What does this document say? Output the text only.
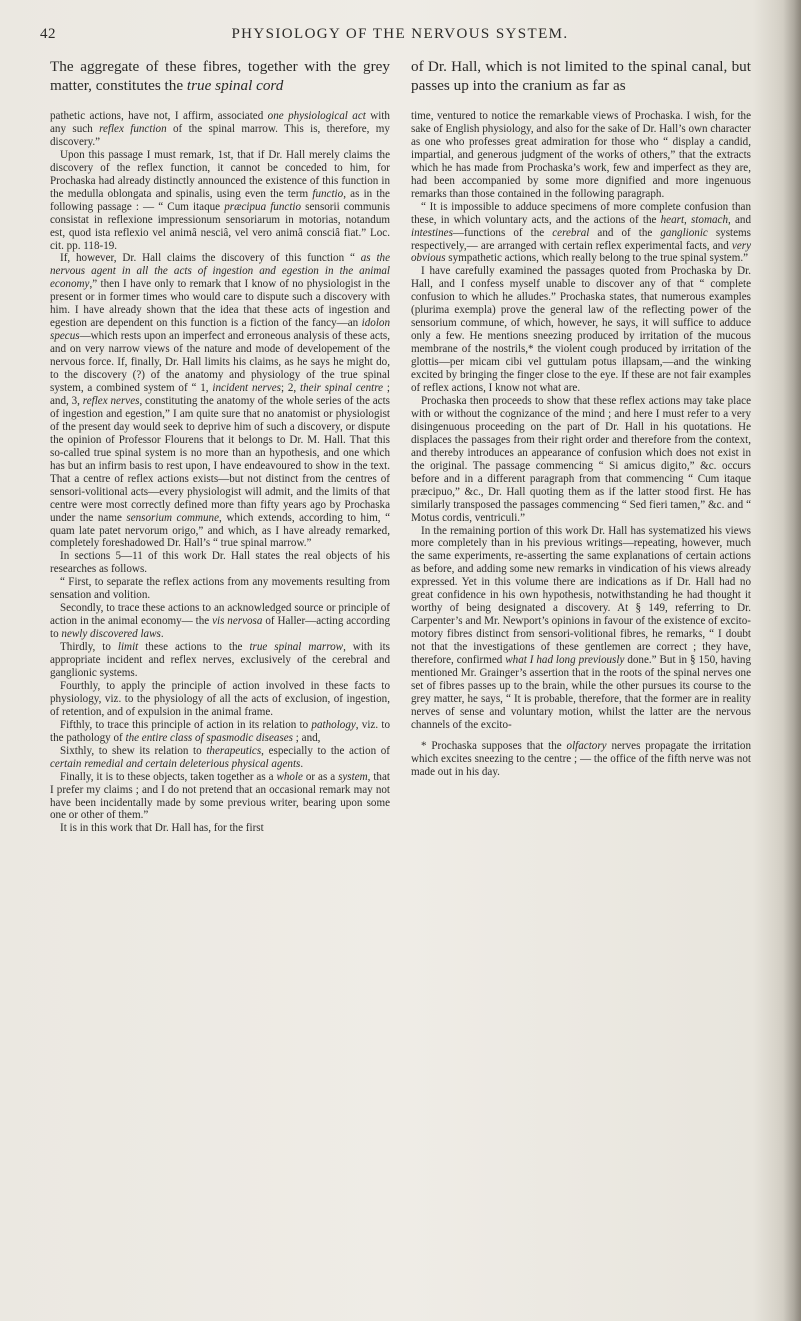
42	PHYSIOLOGY OF THE NERVOUS SYSTEM.

The aggregate of these fibres, together with the grey matter, constitutes the true spinal cord

of Dr. Hall, which is not limited to the spinal canal, but passes up into the cranium as far as

pathetic actions, have not, I affirm, associated one physiological act with any such reflex function of the spinal marrow. This is, therefore, my discovery.”

Upon this passage I must remark, 1st, that if Dr. Hall merely claims the discovery of the reflex function, it cannot be conceded to him, for Prochaska had already distinctly announced the existence of this function in the medulla oblongata and spinalis, using even the term functio, as in the following passage : — “ Cum itaque præcipua functio sensorii communis consistat in reflexione impressionum sensoriarum in motorias, notandum est, quod ista reflexio vel animâ nesciâ, vel vero animâ consciâ fiat.” Loc. cit. pp. 118-19.

If, however, Dr. Hall claims the discovery of this function “ as the nervous agent in all the acts of ingestion and egestion in the animal economy,” then I have only to remark that I know of no physiologist in the present or in former times who would care to dispute such a discovery with him. I have already shown that the idea that these acts of ingestion and egestion are dependent on this function is a fiction of the fancy—an idolon specus—which rests upon an imperfect and erroneous analysis of these acts, and on very narrow views of the nature and mode of developement of the nervous force. If, finally, Dr. Hall limits his claims, as he says he might do, to the discovery (?) of the anatomy and physiology of the true spinal system, a combined system of “ 1, incident nerves; 2, their spinal centre ; and, 3, reflex nerves, constituting the anatomy of the whole series of the acts of ingestion and egestion,” I am quite sure that no anatomist or physiologist of the present day would seek to deprive him of such a discovery, or dispute the opinion of Professor Flourens that it belongs to Dr. M. Hall. That this so-called true spinal system is no more than an hypothesis, and one which has but an infirm basis to rest upon, I have endeavoured to show in the text. That a centre of reflex actions exists—but not distinct from the centres of sensori-volitional acts—every physiologist will admit, and the limits of that centre were most correctly defined more than fifty years ago by Prochaska under the name sensorium commune, which extends, according to him, “ quam late patet nervorum origo,” and which, as I have already remarked, completely foreshadowed Dr. Hall’s “ true spinal marrow.”

In sections 5—11 of this work Dr. Hall states the real objects of his researches as follows.

“ First, to separate the reflex actions from any movements resulting from sensation and volition.

Secondly, to trace these actions to an acknowledged source or principle of action in the animal economy— the vis nervosa of Haller—acting according to newly discovered laws.

Thirdly, to limit these actions to the true spinal marrow, with its appropriate incident and reflex nerves, exclusively of the cerebral and ganglionic systems.

Fourthly, to apply the principle of action involved in these facts to physiology, viz. to the physiology of all the acts of exclusion, of ingestion, of retention, and of expulsion in the animal frame.

Fifthly, to trace this principle of action in its relation to pathology, viz. to the pathology of the entire class of spasmodic diseases ; and,

Sixthly, to shew its relation to therapeutics, especially to the action of certain remedial and certain deleterious physical agents.

Finally, it is to these objects, taken together as a whole or as a system, that I prefer my claims ; and I do not pretend that an occasional remark may not have been incidentally made by some previous writer, bearing upon some one or other of them.”

It is in this work that Dr. Hall has, for the first

time, ventured to notice the remarkable views of Prochaska. I wish, for the sake of English physiology, and also for the sake of Dr. Hall’s own character as one who professes great admiration for those who “ display a candid, impartial, and generous judgment of the works of others,” that the extracts which he has made from Prochaska’s work, few and imperfect as they are, had been accompanied by some more dignified and more ingenuous remarks than those contained in the following paragraph.

“ It is impossible to adduce specimens of more complete confusion than these, in which voluntary acts, and the actions of the heart, stomach, and intestines—functions of the cerebral and of the ganglionic systems respectively,— are arranged with certain reflex experimental facts, and very obvious sympathetic actions, which really belong to the true spinal system.”

I have carefully examined the passages quoted from Prochaska by Dr. Hall, and I confess myself unable to discover any of that “ complete confusion to which he alludes.” Prochaska states, that numerous examples (plurima exempla) prove the general law of the reflecting power of the sensorium commune, of which, however, he says, it will suffice to adduce only a few. He mentions sneezing produced by irritation of the mucous membrane of the nostrils,* the violent cough produced by irritation of the glottis—per micam cibi vel guttulam potus illapsam,—and the winking excited by bringing the finger close to the eye. If these are not fair examples of reflex actions, I know not what are.

Prochaska then proceeds to show that these reflex actions may take place with or without the cognizance of the mind ; and here I must refer to a very disingenuous proceeding on the part of Dr. Hall in his quotations. He displaces the passages from their right order and therefore from the context, and thereby introduces an appearance of confusion which does not exist in the original. The passage commencing “ Si amicus digito,” &c. occurs before and in a different paragraph from that commencing “ Cum itaque præcipuo,” &c., Dr. Hall quoting them as if the latter stood first. He has similarly transposed the passages commencing “ Sed fieri tamen,” &c. and “ Motus cordis, ventriculi.”

In the remaining portion of this work Dr. Hall has systematized his views more completely than in his previous writings—repeating, however, much the same experiments, re-asserting the same explanations of certain actions as before, and adding some new remarks in vindication of his views already expressed. Yet in this volume there are indications as if Dr. Hall had no great confidence in his own hypothesis, notwithstanding he had thought it worthy of being designated a discovery. At § 149, referring to Dr. Carpenter’s and Mr. Newport’s opinions in favour of the existence of excito-motory fibres distinct from sensori-volitional fibres, he remarks, “ I doubt not that the investigations of these gentlemen are correct ; they have, therefore, confirmed what I had long previously done.” But in § 150, having mentioned Mr. Grainger’s assertion that in the roots of the spinal nerves one set of fibres passes up to the brain, while the other pursues its course to the grey matter, he says, “ It is probable, therefore, that the former are in reality nerves of sense and voluntary motion, whilst the latter are the nervous channels of the excito-

* Prochaska supposes that the olfactory nerves propagate the irritation which excites sneezing to the centre ; — the office of the fifth nerve was not made out in his day.
